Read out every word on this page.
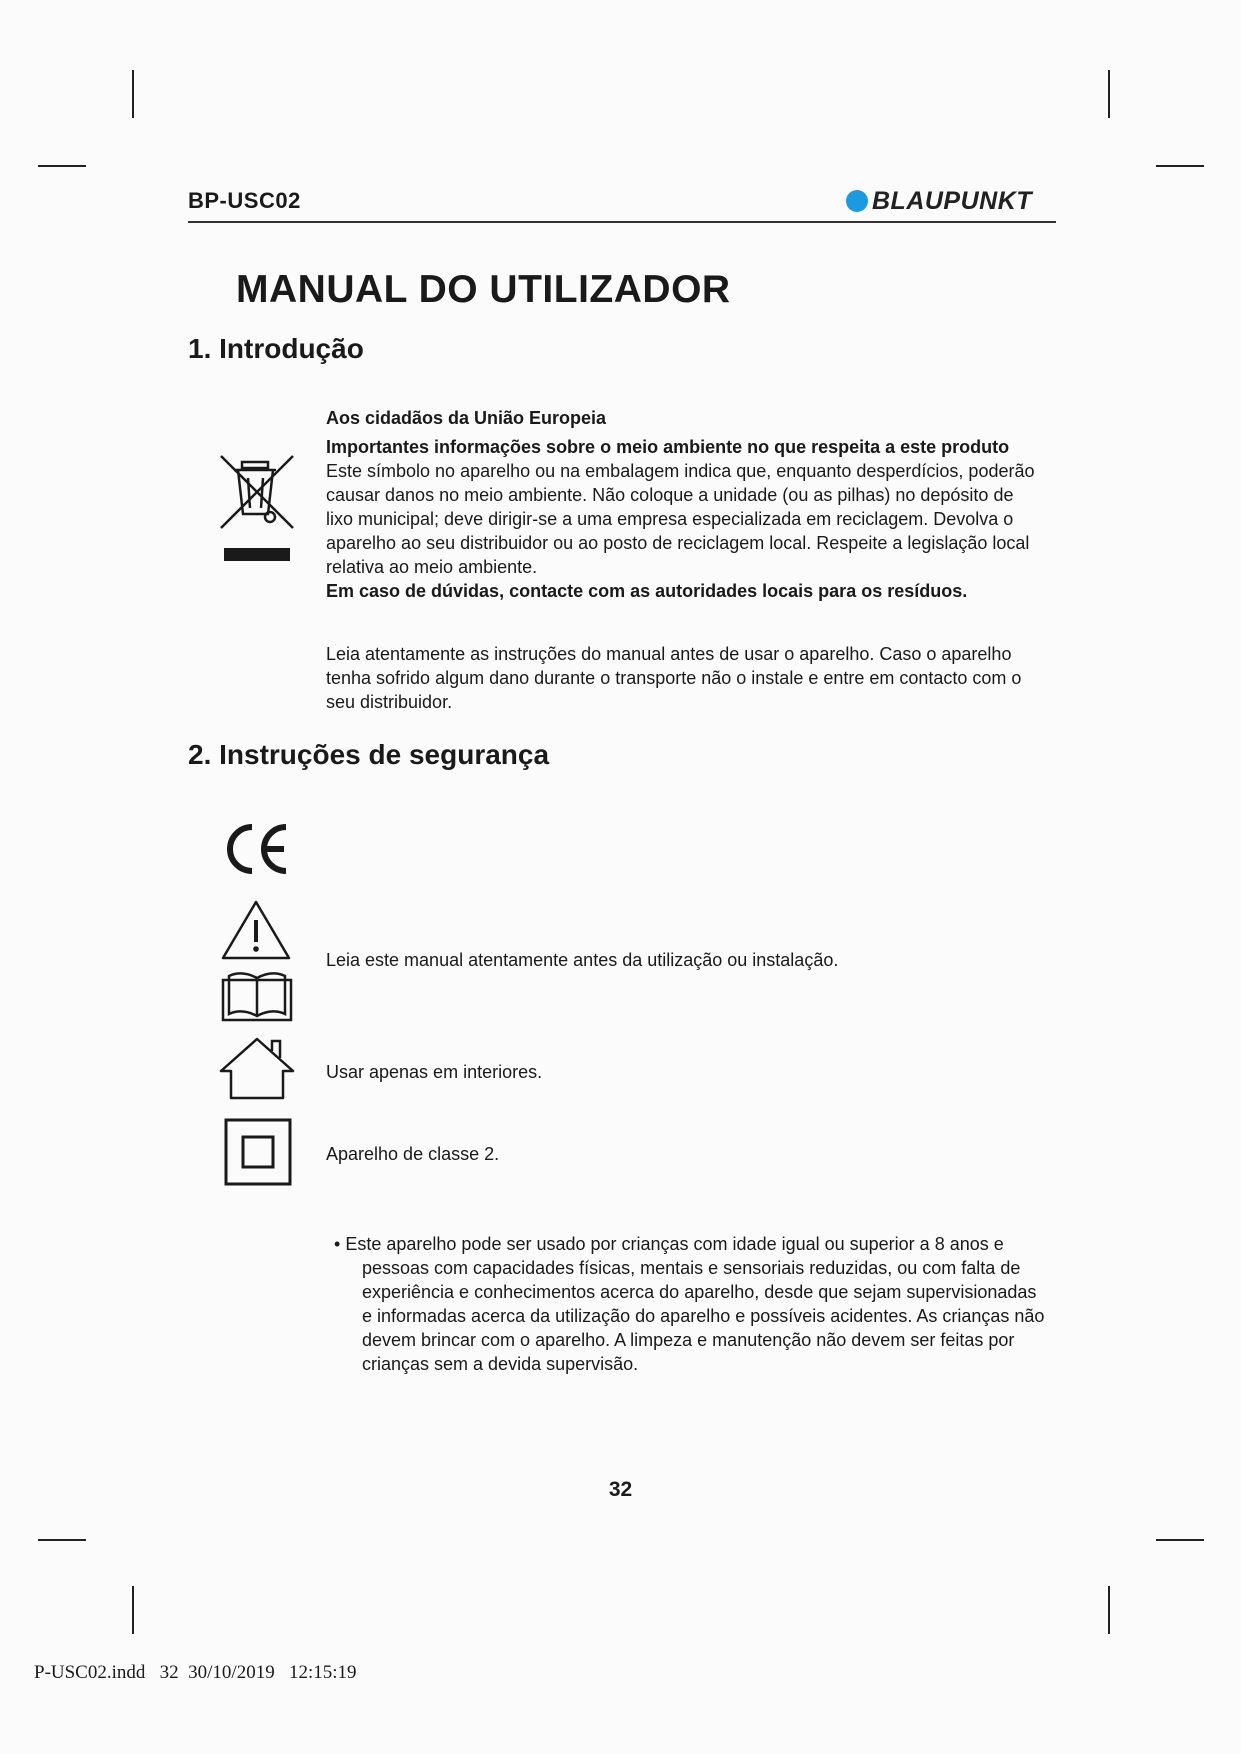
BP-USC02	BLAUPUNKT
MANUAL DO UTILIZADOR
1. Introdução
Aos cidadãos da União Europeia
Importantes informações sobre o meio ambiente no que respeita a este produto
Este símbolo no aparelho ou na embalagem indica que, enquanto desperdícios, poderão
causar danos no meio ambiente. Não coloque a unidade (ou as pilhas) no depósito de
lixo municipal; deve dirigir-se a uma empresa especializada em reciclagem. Devolva o
aparelho ao seu distribuidor ou ao posto de reciclagem local. Respeite a legislação local
relativa ao meio ambiente.
Em caso de dúvidas, contacte com as autoridades locais para os resíduos.
Leia atentamente as instruções do manual antes de usar o aparelho. Caso o aparelho
tenha sofrido algum dano durante o transporte não o instale e entre em contacto com o
seu distribuidor.
2. Instruções de segurança
Leia este manual atentamente antes da utilização ou instalação.
Usar apenas em interiores.
Aparelho de classe 2.
• Este aparelho pode ser usado por crianças com idade igual ou superior a 8 anos e
pessoas com capacidades físicas, mentais e sensoriais reduzidas, ou com falta de
experiência e conhecimentos acerca do aparelho, desde que sejam supervisionadas
e informadas acerca da utilização do aparelho e possíveis acidentes. As crianças não
devem brincar com o aparelho. A limpeza e manutenção não devem ser feitas por
crianças sem a devida supervisão.
32
P-USC02.indd   32  30/10/2019   12:15:19
